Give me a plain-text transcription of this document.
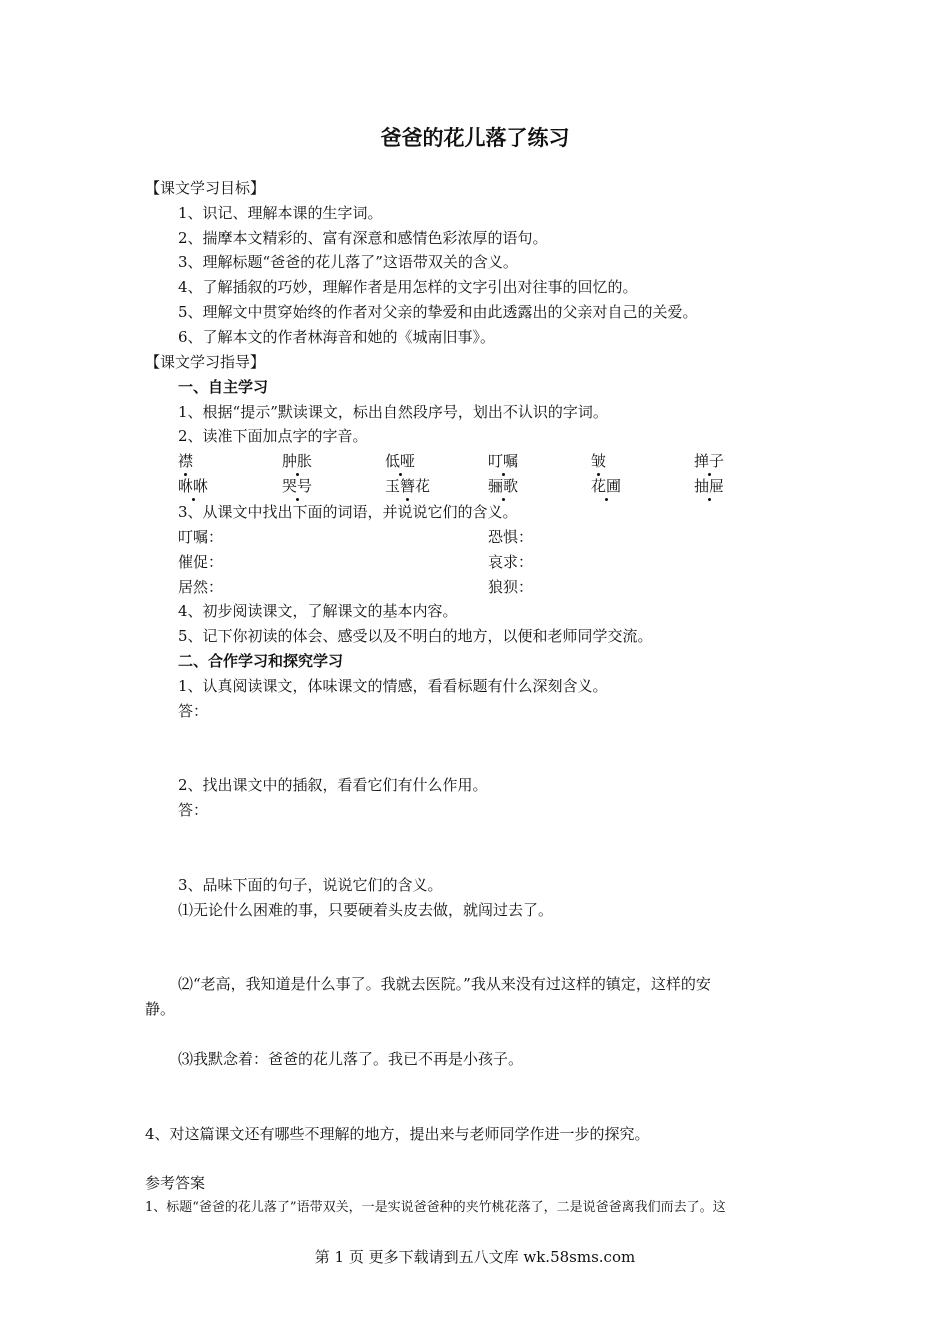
爸爸的花儿落了练习
【课文学习目标】
1、识记、理解本课的生字词。
2、揣摩本文精彩的、富有深意和感情色彩浓厚的语句。
3、理解标题“爸爸的花儿落了”这语带双关的含义。
4、了解插叙的巧妙，理解作者是用怎样的文字引出对往事的回忆的。
5、理解文中贯穿始终的作者对父亲的挚爱和由此透露出的父亲对自己的关爱。
6、了解本文的作者林海音和她的《城南旧事》。
【课文学习指导】
一、自主学习
1、根据“提示”默读课文，标出自然段序号，划出不认识的字词。
2、读准下面加点字的字音。
襟	肿胀	低哑	叮嘱	皱	掸子
咻咻	哭号	玉簪花	骊歌	花圃	抽屉
3、从课文中找出下面的词语，并说说它们的含义。
叮嘱：	恐惧：
催促：	哀求：
居然：	狼狈：
4、初步阅读课文，了解课文的基本内容。
5、记下你初读的体会、感受以及不明白的地方，以便和老师同学交流。
二、合作学习和探究学习
1、认真阅读课文，体味课文的情感，看看标题有什么深刻含义。
答：
2、找出课文中的插叙，看看它们有什么作用。
答：
3、品味下面的句子，说说它们的含义。
⑴无论什么困难的事，只要硬着头皮去做，就闯过去了。
⑵“老高，我知道是什么事了。我就去医院。”我从来没有过这样的镇定，这样的安
静。
⑶我默念着：爸爸的花儿落了。我已不再是小孩子。
4、对这篇课文还有哪些不理解的地方，提出来与老师同学作进一步的探究。
参考答案
1、标题“爸爸的花儿落了”语带双关，一是实说爸爸种的夹竹桃花落了，二是说爸爸离我们而去了。这
第 1 页 更多下载请到五八文库 wk.58sms.com
